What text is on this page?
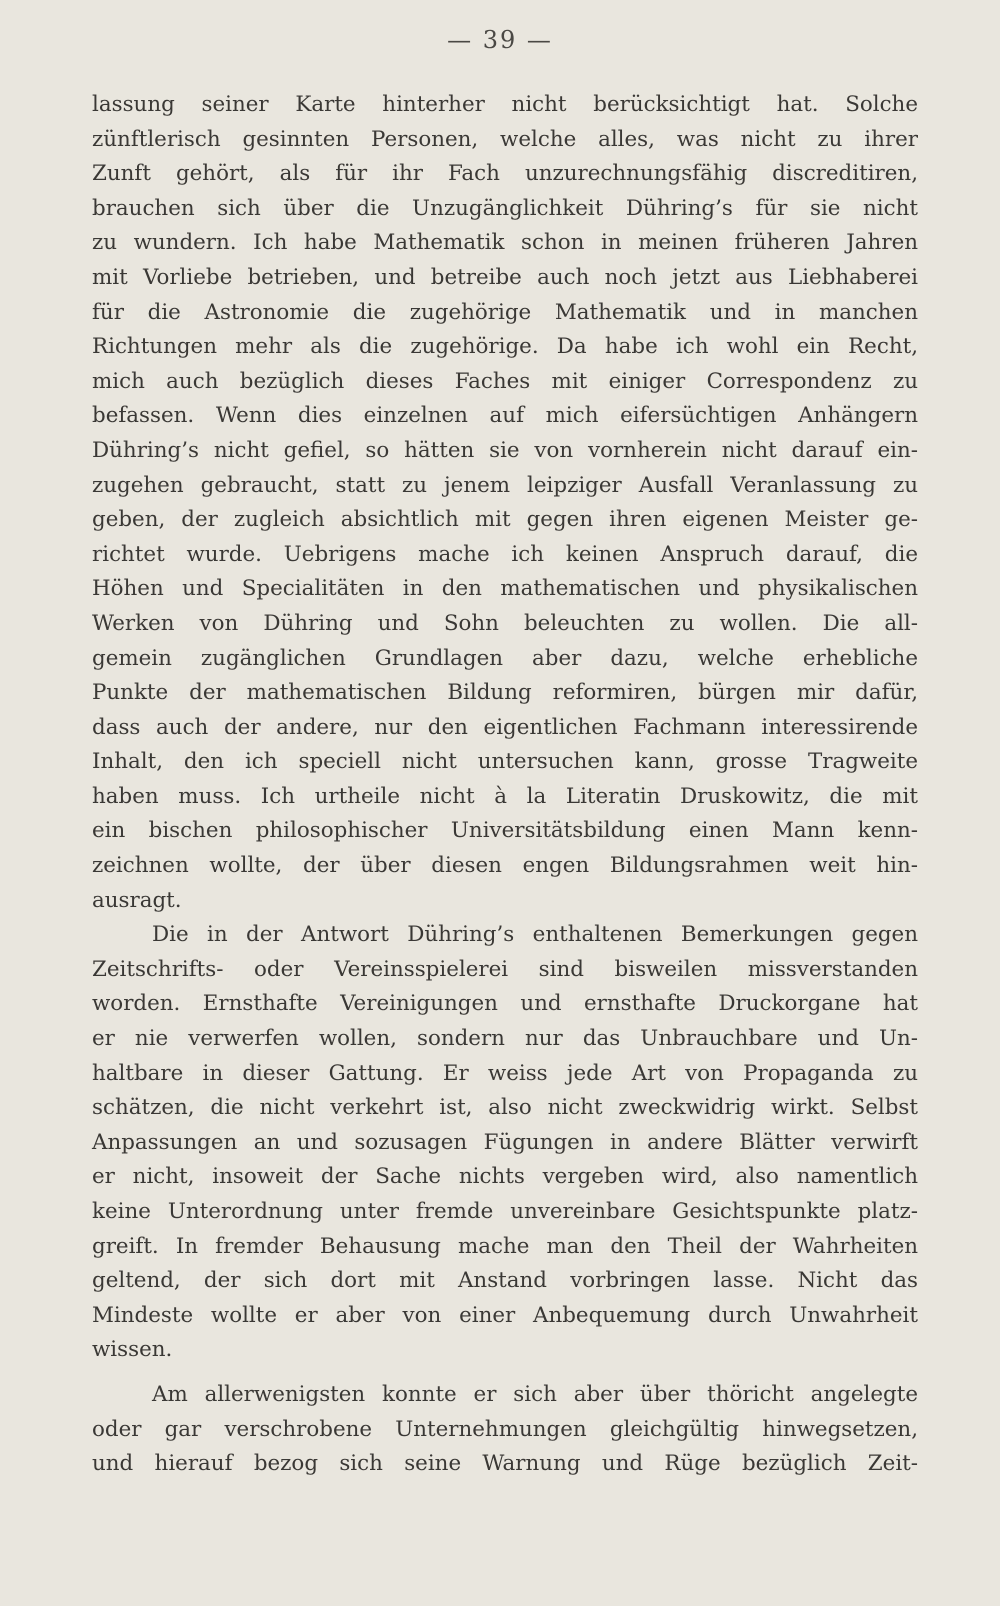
— 39 —
lassung seiner Karte hinterher nicht berücksichtigt hat. Solche
zünftlerisch gesinnten Personen, welche alles, was nicht zu ihrer
Zunft gehört, als für ihr Fach unzurechnungsfähig discreditiren,
brauchen sich über die Unzugänglichkeit Dühring’s für sie nicht
zu wundern. Ich habe Mathematik schon in meinen früheren Jahren
mit Vorliebe betrieben, und betreibe auch noch jetzt aus Liebhaberei
für die Astronomie die zugehörige Mathematik und in manchen
Richtungen mehr als die zugehörige. Da habe ich wohl ein Recht,
mich auch bezüglich dieses Faches mit einiger Correspondenz zu
befassen. Wenn dies einzelnen auf mich eifersüchtigen Anhängern
Dühring’s nicht gefiel, so hätten sie von vornherein nicht darauf ein-
zugehen gebraucht, statt zu jenem leipziger Ausfall Veranlassung zu
geben, der zugleich absichtlich mit gegen ihren eigenen Meister ge-
richtet wurde. Uebrigens mache ich keinen Anspruch darauf, die
Höhen und Specialitäten in den mathematischen und physikalischen
Werken von Dühring und Sohn beleuchten zu wollen. Die all-
gemein zugänglichen Grundlagen aber dazu, welche erhebliche
Punkte der mathematischen Bildung reformiren, bürgen mir dafür,
dass auch der andere, nur den eigentlichen Fachmann interessirende
Inhalt, den ich speciell nicht untersuchen kann, grosse Tragweite
haben muss. Ich urtheile nicht à la Literatin Druskowitz, die mit
ein bischen philosophischer Universitätsbildung einen Mann kenn-
zeichnen wollte, der über diesen engen Bildungsrahmen weit hin-
ausragt.
Die in der Antwort Dühring’s enthaltenen Bemerkungen gegen
Zeitschrifts- oder Vereinsspielerei sind bisweilen missverstanden
worden. Ernsthafte Vereinigungen und ernsthafte Druckorgane hat
er nie verwerfen wollen, sondern nur das Unbrauchbare und Un-
haltbare in dieser Gattung. Er weiss jede Art von Propaganda zu
schätzen, die nicht verkehrt ist, also nicht zweckwidrig wirkt. Selbst
Anpassungen an und sozusagen Fügungen in andere Blätter verwirft
er nicht, insoweit der Sache nichts vergeben wird, also namentlich
keine Unterordnung unter fremde unvereinbare Gesichtspunkte platz-
greift. In fremder Behausung mache man den Theil der Wahrheiten
geltend, der sich dort mit Anstand vorbringen lasse. Nicht das
Mindeste wollte er aber von einer Anbequemung durch Unwahrheit
wissen.
Am allerwenigsten konnte er sich aber über thöricht angelegte
oder gar verschrobene Unternehmungen gleichgültig hinwegsetzen,
und hierauf bezog sich seine Warnung und Rüge bezüglich Zeit-
